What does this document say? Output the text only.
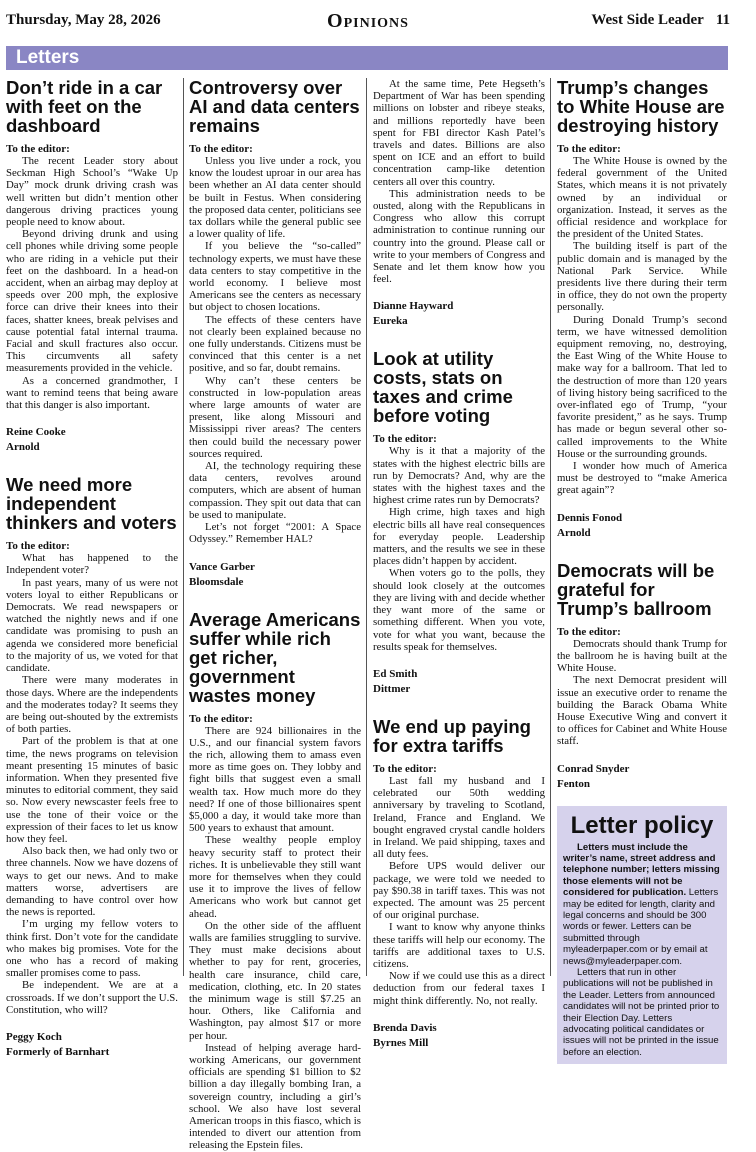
Thursday, May 28, 2026	Opinions	West Side Leader 11
Letters
Don’t ride in a car with feet on the dashboard
To the editor:

The recent Leader story about Seckman High School’s “Wake Up Day” mock drunk driving crash was well written but didn’t mention other dangerous driving practices young people need to know about.

Beyond driving drunk and using cell phones while driving some people who are riding in a vehicle put their feet on the dashboard. In a head-on accident, when an airbag may deploy at speeds over 200 mph, the explosive force can drive their knees into their faces, shatter knees, break pelvises and cause potential fatal internal trauma. Facial and skull fractures also occur. This circumvents all safety measurements provided in the vehicle.

As a concerned grandmother, I want to remind teens that being aware that this danger is also important.

Reine Cooke
Arnold
We need more independent thinkers and voters
To the editor:

What has happened to the Independent voter?

In past years, many of us were not voters loyal to either Republicans or Democrats. We read newspapers or watched the nightly news and if one candidate was promising to push an agenda we considered more beneficial to the majority of us, we voted for that candidate.

There were many moderates in those days. Where are the independents and the moderates today? It seems they are being out-shouted by the extremists of both parties.

Part of the problem is that at one time, the news programs on television meant presenting 15 minutes of basic information. When they presented five minutes to editorial comment, they said so. Now every newscaster feels free to use the tone of their voice or the expression of their faces to let us know how they feel.

Also back then, we had only two or three channels. Now we have dozens of ways to get our news. And to make matters worse, advertisers are demanding to have control over how the news is reported.

I’m urging my fellow voters to think first. Don’t vote for the candidate who makes big promises. Vote for the one who has a record of making smaller promises come to pass.

Be independent. We are at a crossroads. If we don’t support the U.S. Constitution, who will?

Peggy Koch
Formerly of Barnhart
Controversy over AI and data centers remains
To the editor:

Unless you live under a rock, you know the loudest uproar in our area has been whether an AI data center should be built in Festus. When considering the proposed data center, politicians see tax dollars while the general public see a lower quality of life.

If you believe the “so-called” technology experts, we must have these data centers to stay competitive in the world economy. I believe most Americans see the centers as necessary but object to chosen locations.

The effects of these centers have not clearly been explained because no one fully understands. Citizens must be convinced that this center is a net positive, and so far, doubt remains.

Why can’t these centers be constructed in low-population areas where large amounts of water are present, like along Missouri and Mississippi river areas? The centers then could build the necessary power sources required.

AI, the technology requiring these data centers, revolves around computers, which are absent of human compassion. They spit out data that can be used to manipulate.

Let’s not forget “2001: A Space Odyssey.” Remember HAL?

Vance Garber
Bloomsdale
Average Americans suffer while rich get richer, government wastes money
To the editor:

There are 924 billionaires in the U.S., and our financial system favors the rich, allowing them to amass even more as time goes on. They lobby and fight bills that suggest even a small wealth tax. How much more do they need? If one of those billionaires spent $5,000 a day, it would take more than 500 years to exhaust that amount.

These wealthy people employ heavy security staff to protect their riches. It is unbelievable they still want more for themselves when they could use it to improve the lives of fellow Americans who work but cannot get ahead.

On the other side of the affluent walls are families struggling to survive. They must make decisions about whether to pay for rent, groceries, health care insurance, child care, medication, clothing, etc. In 20 states the minimum wage is still $7.25 an hour. Others, like California and Washington, pay almost $17 or more per hour.

Instead of helping average hard-working Americans, our government officials are spending $1 billion to $2 billion a day illegally bombing Iran, a sovereign country, including a girl’s school. We also have lost several American troops in this fiasco, which is intended to divert our attention from releasing the Epstein files.

At the same time, Pete Hegseth’s Department of War has been spending millions on lobster and ribeye steaks, and millions reportedly have been spent for FBI director Kash Patel’s travels and dates. Billions are also spent on ICE and an effort to build concentration camp-like detention centers all over this country.

This administration needs to be ousted, along with the Republicans in Congress who allow this corrupt administration to continue running our country into the ground. Please call or write to your members of Congress and Senate and let them know how you feel.

Dianne Hayward
Eureka
Look at utility costs, stats on taxes and crime before voting
To the editor:

Why is it that a majority of the states with the highest electric bills are run by Democrats? And, why are the states with the highest taxes and the highest crime rates run by Democrats?

High crime, high taxes and high electric bills all have real consequences for everyday people. Leadership matters, and the results we see in these places didn’t happen by accident.

When voters go to the polls, they should look closely at the outcomes they are living with and decide whether they want more of the same or something different. When you vote, vote for what you want, because the results speak for themselves.

Ed Smith
Dittmer
We end up paying for extra tariffs
To the editor:

Last fall my husband and I celebrated our 50th wedding anniversary by traveling to Scotland, Ireland, France and England. We bought engraved crystal candle holders in Ireland. We paid shipping, taxes and all duty fees.

Before UPS would deliver our package, we were told we needed to pay $90.38 in tariff taxes. This was not expected. The amount was 25 percent of our original purchase.

I want to know why anyone thinks these tariffs will help our economy. The tariffs are additional taxes to U.S. citizens.

Now if we could use this as a direct deduction from our federal taxes I might think differently. No, not really.

Brenda Davis
Byrnes Mill
Trump’s changes to White House are destroying history
To the editor:

The White House is owned by the federal government of the United States, which means it is not privately owned by an individual or organization. Instead, it serves as the official residence and workplace for the president of the United States.

The building itself is part of the public domain and is managed by the National Park Service. While presidents live there during their term in office, they do not own the property personally.

During Donald Trump’s second term, we have witnessed demolition equipment removing, no, destroying, the East Wing of the White House to make way for a ballroom. That led to the destruction of more than 120 years of living history being sacrificed to the over-inflated ego of Trump, “your favorite president,” as he says. Trump has made or begun several other so-called improvements to the White House or the surrounding grounds.

I wonder how much of America must be destroyed to “make America great again”?

Dennis Fonod
Arnold
Democrats will be grateful for Trump’s ballroom
To the editor:

Democrats should thank Trump for the ballroom he is having built at the White House.

The next Democrat president will issue an executive order to rename the building the Barack Obama White House Executive Wing and convert it to offices for Cabinet and White House staff.

Conrad Snyder
Fenton
Letter policy

Letters must include the writer’s name, street address and telephone number; letters missing those elements will not be considered for publication. Letters may be edited for length, clarity and legal concerns and should be 300 words or fewer. Letters can be submitted through myleaderpaper.com or by email at news@myleaderpaper.com.

Letters that run in other publications will not be published in the Leader. Letters from announced candidates will not be printed prior to their Election Day. Letters advocating political candidates or issues will not be printed in the issue before an election.
